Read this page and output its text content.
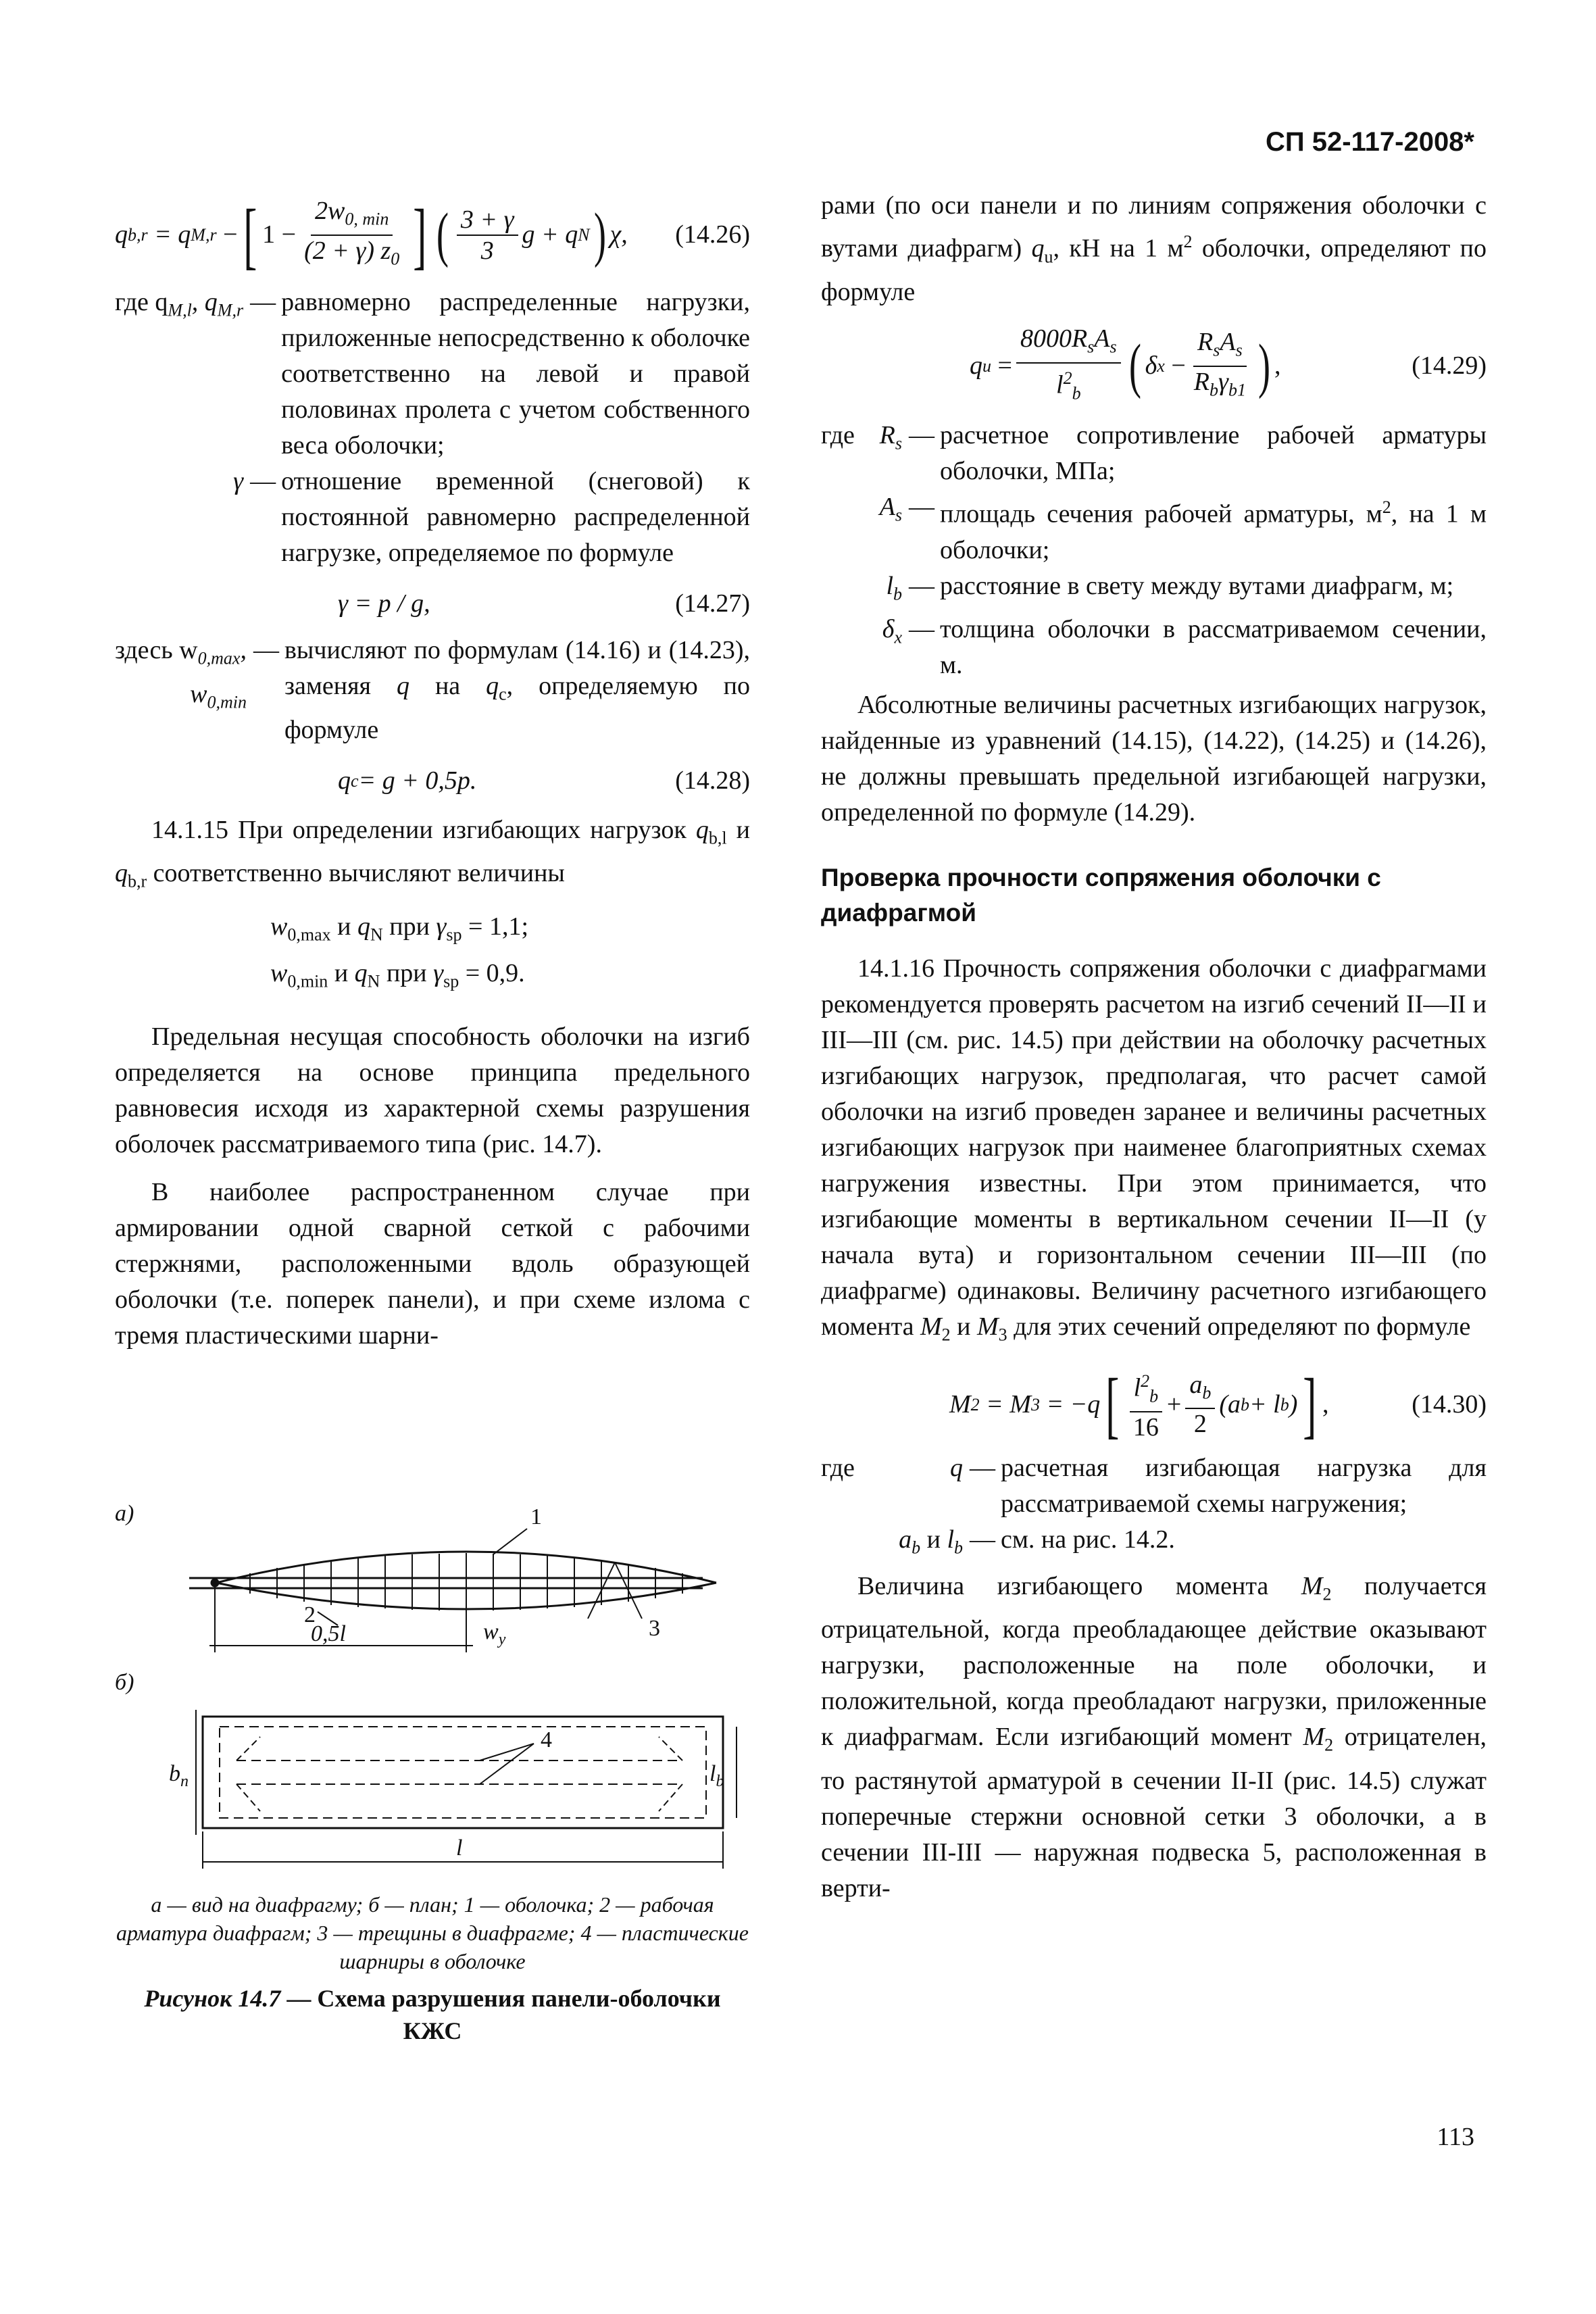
СП 52-117-2008*
q b,r
= q M,r
− [ $1 - \frac{2w_{0, min}}{(2 + \gamma) z_0}$ ] ( $\frac{3 + \gamma}{3}$ g + q N ) χ, (14.26)
где $q_{M,l}$, $q_{M,r}$ — равномерно распределенные нагрузки, приложенные непосредственно к оболочке соответственно на левой и правой половинах пролета с учетом собственного веса оболочки;
γ — отношение временной (снеговой) к постоянной равномерно распределенной нагрузке, определяемое по формуле
γ = p / g,	(14.27)
здесь $w_{0,max}$,
$w_{0,min}$
— вычисляют по формулам (14.16) и (14.23), заменяя q на $q_c$, определяемую по формуле
q c = g + 0,5p.	(14.28)

14.1.15 При определении изгибающих нагрузок $q_{b,l}$ и $q_{b,r}$ соответственно вычисляют величины

$w_{0,max}$ и $q_N$ при $\gamma_{sp} = 1,1$;
$w_{0,min}$ и $q_N$ при $\gamma_{sp} = 0,9$.

Предельная несущая способность оболочки на изгиб определяется на основе принципа предельного равновесия исходя из характерной схемы разрушения оболочек рассматриваемого типа (рис. 14.7).

В наиболее распространенном случае при армировании одной сварной сеткой с рабочими стержнями, расположенными вдоль образующей оболочки (т.е. поперек панели), и при схеме излома с тремя пластическими шарни-

а)
б)
1
2
3
4
0,5l	$w_y$
$b_п$	$l_b$
l
а — вид на диафрагму; б — план; 1 — оболочка; 2 — рабочая арматура диафрагм; 3 — трещины в диафрагме; 4 — пластические шарниры в оболочке
Рисунок 14.7 — Схема разрушения панели-оболочки КЖС

рами (по оси панели и по линиям сопряжения оболочки с вутами диафрагм) $q_u$, кН на 1 $м^2$ оболочки, определяют по формуле

q u
= $\frac{8000R_sA_s}{l^2_b}$ ( δ x
− $\frac{R_sA_s}{R_b\gamma_{b1}}$ ) ,	(14.29)
где $R_s$ — расчетное сопротивление рабочей арматуры оболочки, МПа;
$A_s$ — площадь сечения рабочей арматуры, $м^2$, на 1 м оболочки;
$l_b$ — расстояние в свету между вутами диафрагм, м;
$\delta_x$ — толщина оболочки в рассматриваемом сечении, м.

Абсолютные величины расчетных изгибающих нагрузок, найденные из уравнений (14.15), (14.22), (14.25) и (14.26), не должны превышать предельной изгибающей нагрузки, определенной по формуле (14.29).

Проверка прочности сопряжения оболочки с диафрагмой

14.1.16 Прочность сопряжения оболочки с диафрагмами рекомендуется проверять расчетом на изгиб сечений II—II и III—III (см. рис. 14.5) при действии на оболочку расчетных изгибающих нагрузок, предполагая, что расчет самой оболочки на изгиб проведен заранее и величины расчетных изгибающих нагрузок при наименее благоприятных схемах нагружения известны. При этом принимается, что изгибающие моменты в вертикальном сечении II—II (у начала вута) и горизонтальном сечении III—III (по диафрагме) одинаковы. Величину расчетного изгибающего момента $M_2$ и $M_3$ для этих сечений определяют по формуле

M 2
= M 3
= −q [ $\frac{l^2_b}{16} + \frac{a_b}{2} (a$ b + l b ) ] ,	(14.30)
где	q — расчетная изгибающая нагрузка для рассматриваемой схемы нагружения;
$a_b$ и $l_b$ — см. на рис. 14.2.

Величина изгибающего момента $M_2$ получается отрицательной, когда преобладающее действие оказывают нагрузки, расположенные на поле оболочки, и положительной, когда преобладают нагрузки, приложенные к диафрагмам. Если изгибающий момент $M_2$ отрицателен, то растянутой арматурой в сечении II-II (рис. 14.5) служат поперечные стержни основной сетки 3 оболочки, а в сечении III-III — наружная подвеска 5, расположенная в верти-

113
